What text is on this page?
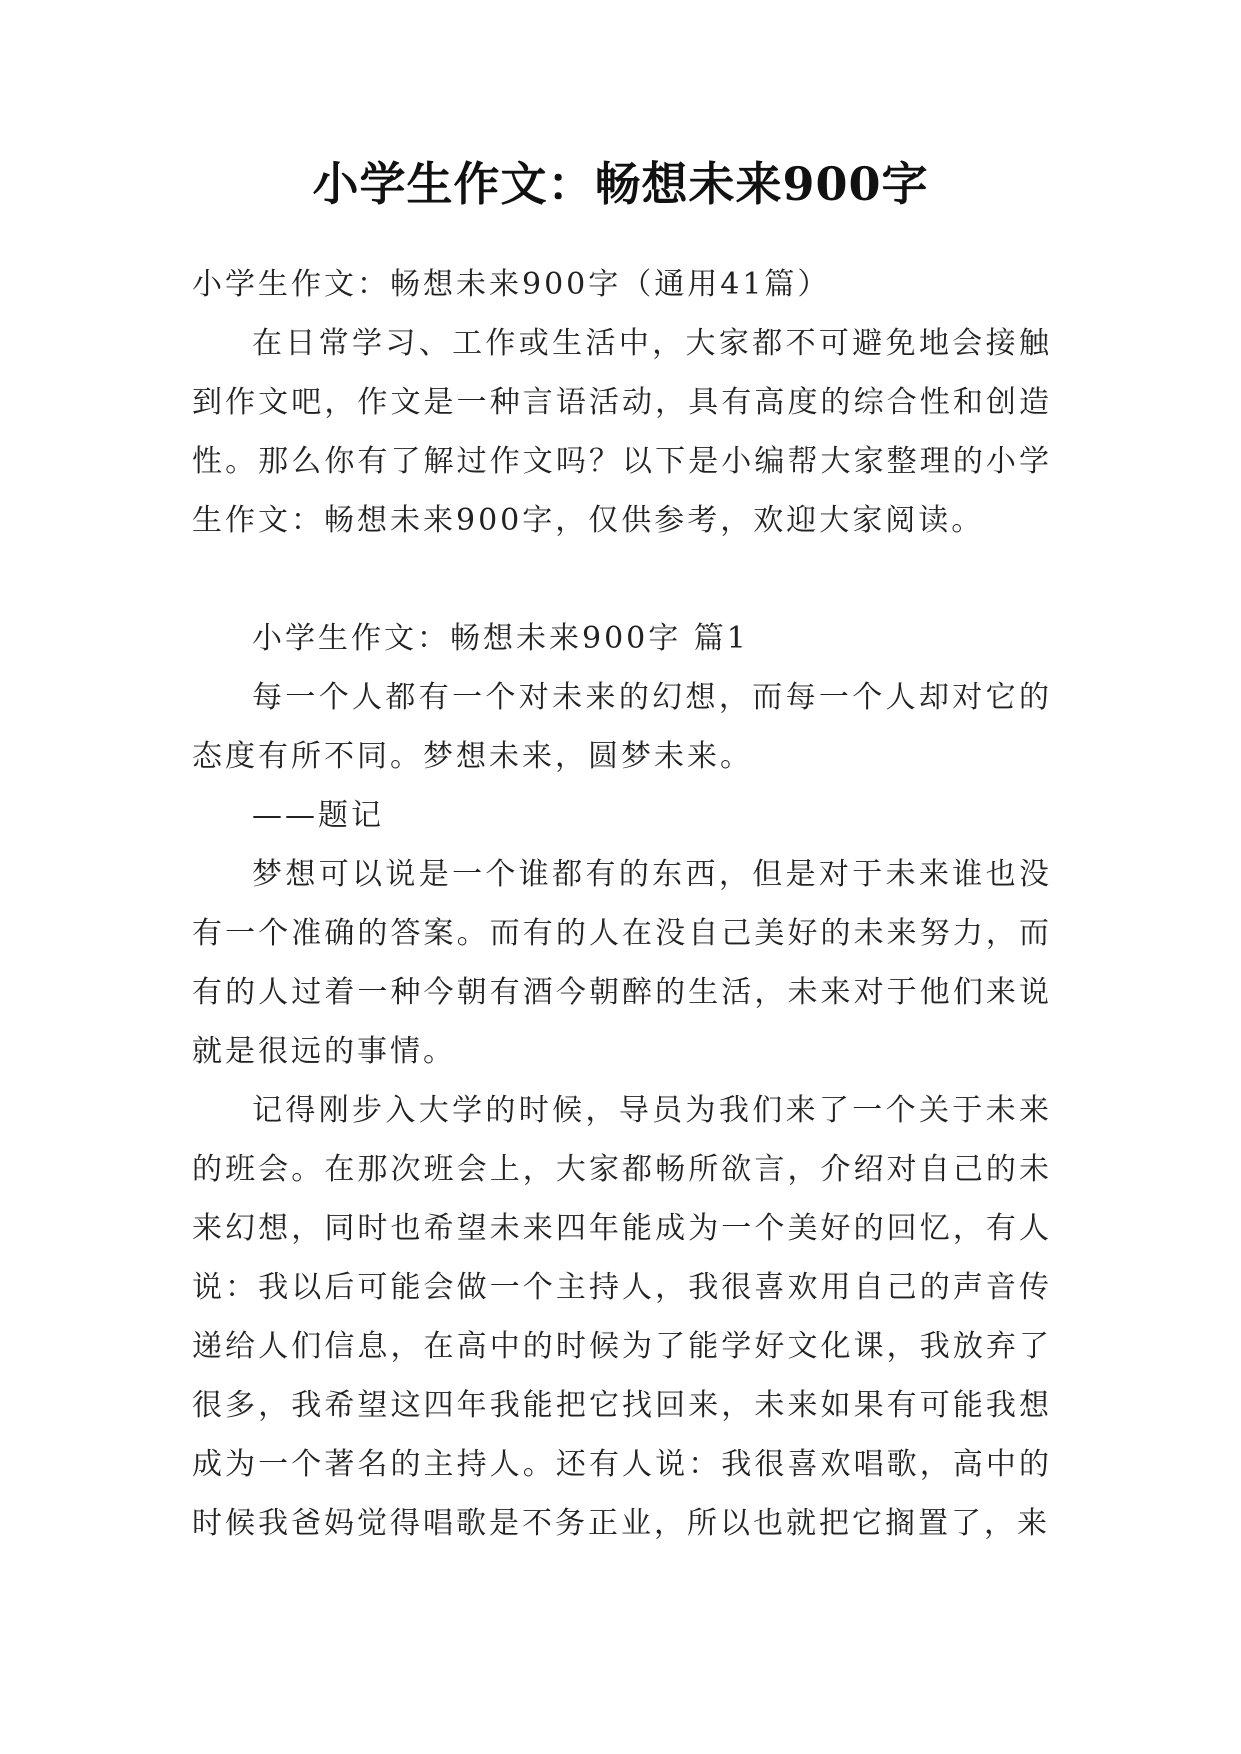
小学生作文：畅想未来900字

小学生作文：畅想未来900字（通用41篇）

在日常学习、工作或生活中，大家都不可避免地会接触到作文吧，作文是一种言语活动，具有高度的综合性和创造性。那么你有了解过作文吗？以下是小编帮大家整理的小学生作文：畅想未来900字，仅供参考，欢迎大家阅读。

小学生作文：畅想未来900字 篇1

每一个人都有一个对未来的幻想，而每一个人却对它的态度有所不同。梦想未来，圆梦未来。

——题记

梦想可以说是一个谁都有的东西，但是对于未来谁也没有一个准确的答案。而有的人在没自己美好的未来努力，而有的人过着一种今朝有酒今朝醉的生活，未来对于他们来说就是很远的事情。

记得刚步入大学的时候，导员为我们来了一个关于未来的班会。在那次班会上，大家都畅所欲言，介绍对自己的未来幻想，同时也希望未来四年能成为一个美好的回忆，有人说：我以后可能会做一个主持人，我很喜欢用自己的声音传递给人们信息，在高中的时候为了能学好文化课，我放弃了很多，我希望这四年我能把它找回来，未来如果有可能我想成为一个著名的主持人。还有人说：我很喜欢唱歌，高中的时候我爸妈觉得唱歌是不务正业，所以也就把它搁置了，来
